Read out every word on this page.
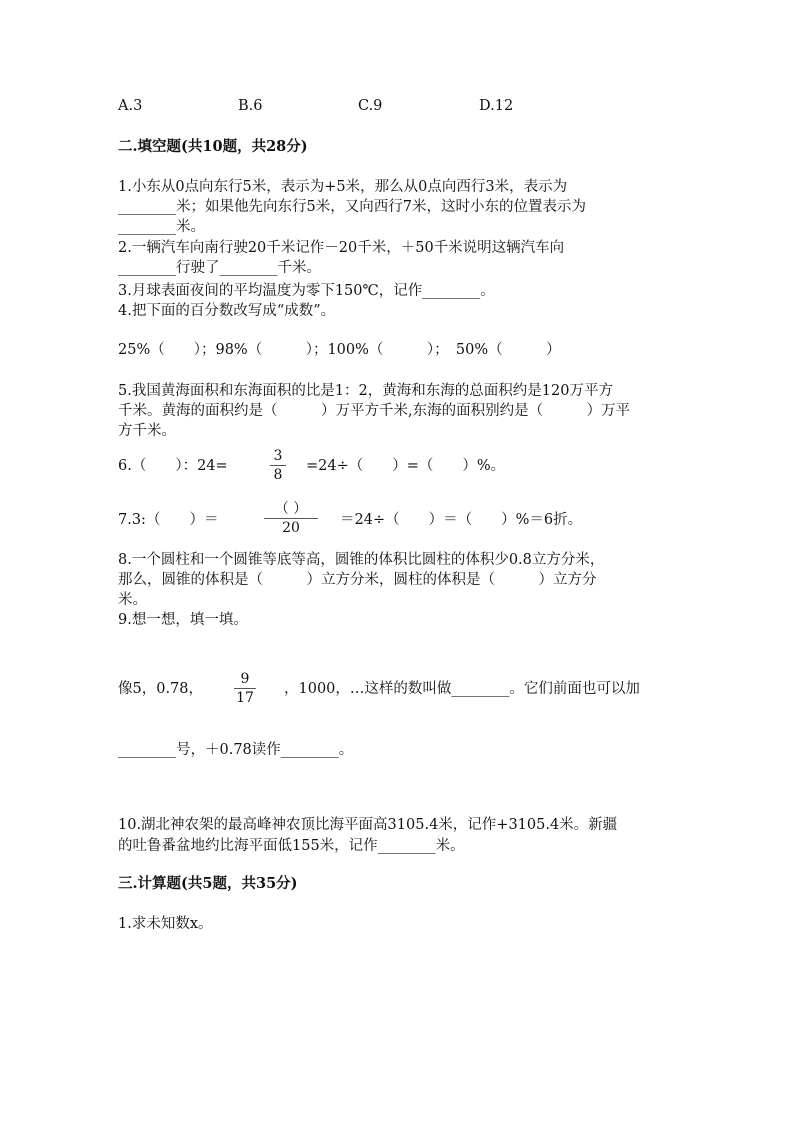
A.3	B.6	C.9	D.12
二.填空题(共10题，共28分)
1.小东从0点向东行5米，表示为+5米，那么从0点向西行3米，表示为
________米；如果他先向东行5米，又向西行7米，这时小东的位置表示为
________米。
2.一辆汽车向南行驶20千米记作－20千米，＋50千米说明这辆汽车向
________行驶了________千米。
3.月球表面夜间的平均温度为零下150℃，记作________。
4.把下面的百分数改写成“成数”。
25%（　　）；98%（　　　）；100%（　　　）；　50%（　　　）
5.我国黄海面积和东海面积的比是1：2，黄海和东海的总面积约是120万平方
千米。黄海的面积约是（　　　）万平方千米,东海的面积别约是（　　　）万平
方千米。
6.（　　）：24=
3
8
=24÷（　　）=（　　）%。
7.3:（　　）＝
（ ）
20	＝24÷（　　）＝（　　）%＝6折。
8.一个圆柱和一个圆锥等底等高，圆锥的体积比圆柱的体积少0.8立方分米，
那么，圆锥的体积是（　　　）立方分米，圆柱的体积是（　　　）立方分
米。
9.想一想，填一填。
像5，0.78，
9
17
，1000，…这样的数叫做________。它们前面也可以加
________号，＋0.78读作________。
10.湖北神农架的最高峰神农顶比海平面高3105.4米，记作+3105.4米。新疆
的吐鲁番盆地约比海平面低155米，记作________米。
三.计算题(共5题，共35分)
1.求未知数x。
